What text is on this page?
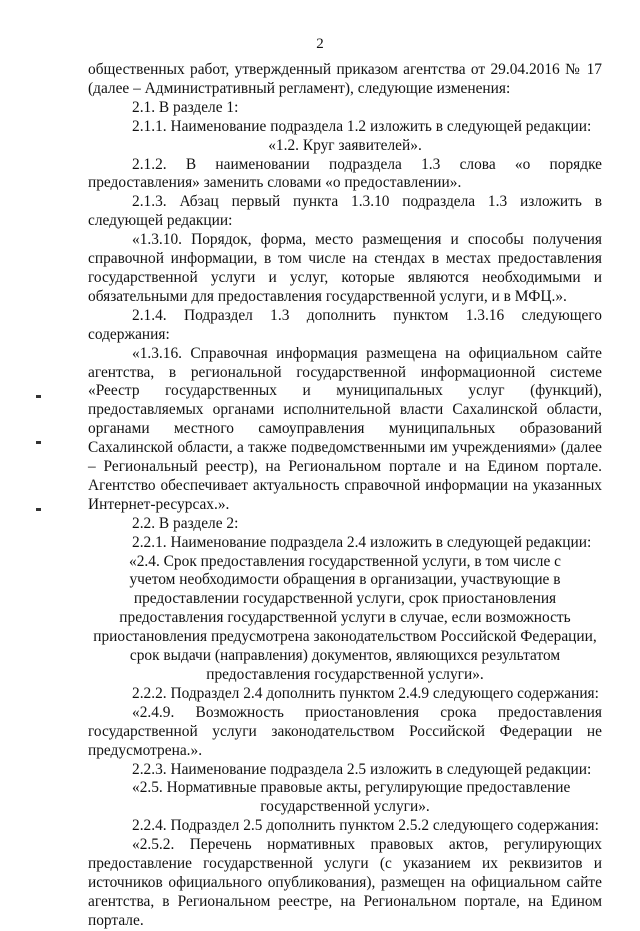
2

общественных работ, утвержденный приказом агентства от 29.04.2016 № 17 (далее – Административный регламент), следующие изменения:

2.1. В разделе 1:

2.1.1. Наименование подраздела 1.2 изложить в следующей редакции:

«1.2. Круг заявителей».

2.1.2. В наименовании подраздела 1.3 слова «о порядке предоставления» заменить словами «о предоставлении».

2.1.3. Абзац первый пункта 1.3.10 подраздела 1.3 изложить в следующей редакции:

«1.3.10. Порядок, форма, место размещения и способы получения справочной информации, в том числе на стендах в местах предоставления государственной услуги и услуг, которые являются необходимыми и обязательными для предоставления государственной услуги, и в МФЦ.».

2.1.4. Подраздел 1.3 дополнить пунктом 1.3.16 следующего содержания:

«1.3.16. Справочная информация размещена на официальном сайте агентства, в региональной государственной информационной системе «Реестр государственных и муниципальных услуг (функций), предоставляемых органами исполнительной власти Сахалинской области, органами местного самоуправления муниципальных образований Сахалинской области, а также подведомственными им учреждениями» (далее – Региональный реестр), на Региональном портале и на Едином портале. Агентство обеспечивает актуальность справочной информации на указанных Интернет-ресурсах.».

2.2. В разделе 2:

2.2.1. Наименование подраздела 2.4 изложить в следующей редакции:

«2.4. Срок предоставления государственной услуги, в том числе с

учетом необходимости обращения в организации, участвующие в

предоставлении государственной услуги, срок приостановления

предоставления государственной услуги в случае, если возможность

приостановления предусмотрена законодательством Российской Федерации,

срок выдачи (направления) документов, являющихся результатом

предоставления государственной услуги».

2.2.2. Подраздел 2.4 дополнить пунктом 2.4.9 следующего содержания:

«2.4.9. Возможность приостановления срока предоставления государственной услуги законодательством Российской Федерации не предусмотрена.».

2.2.3. Наименование подраздела 2.5 изложить в следующей редакции:

«2.5. Нормативные правовые акты, регулирующие предоставление

государственной услуги».

2.2.4. Подраздел 2.5 дополнить пунктом 2.5.2 следующего содержания:

«2.5.2. Перечень нормативных правовых актов, регулирующих предоставление государственной услуги (с указанием их реквизитов и источников официального опубликования), размещен на официальном сайте агентства, в Региональном реестре, на Региональном портале, на Едином портале.
